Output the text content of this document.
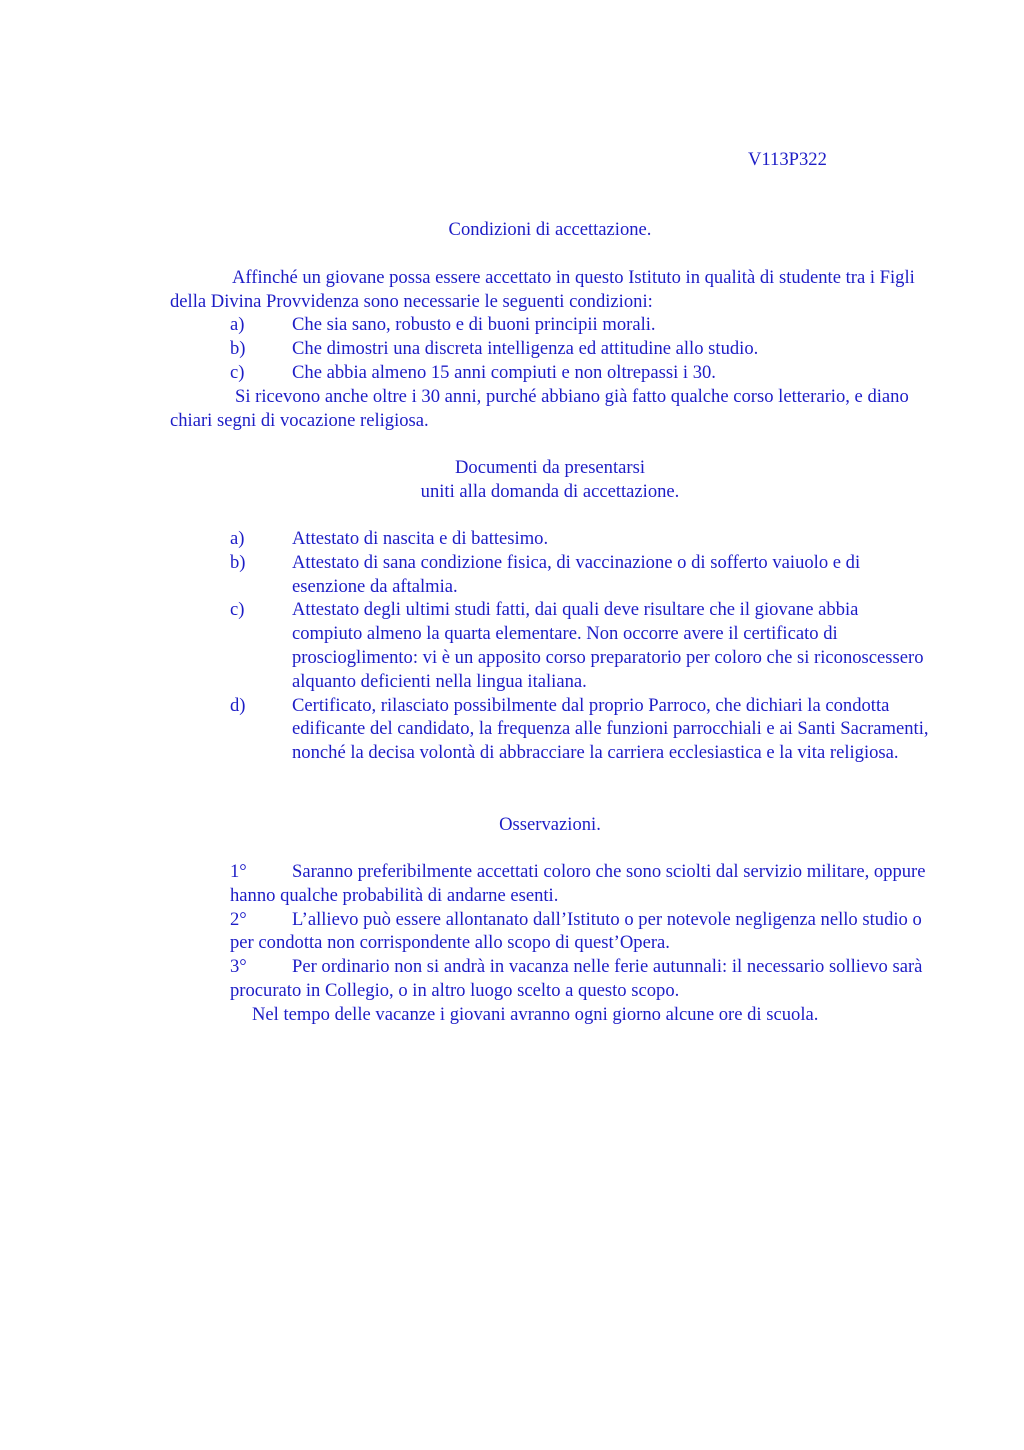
V113P322
Condizioni di accettazione.

Affinché un giovane possa essere accettato in questo Istituto in qualità di studente tra i Figli della Divina Provvidenza sono necessarie le seguenti condizioni:

a)	Che sia sano, robusto e di buoni principii morali.
b)	Che dimostri una discreta intelligenza ed attitudine allo studio.
c)	Che abbia almeno 15 anni compiuti e non oltrepassi i 30.

Si ricevono anche oltre i 30 anni, purché abbiano già fatto qualche corso letterario, e diano chiari segni di vocazione religiosa.

Documenti da presentarsi
uniti alla domanda di accettazione.
a)	Attestato di nascita e di battesimo.
b)	Attestato di sana condizione fisica, di vaccinazione o di sofferto vaiuolo e di esenzione da aftalmia.
c)	Attestato degli ultimi studi fatti, dai quali deve risultare che il giovane abbia compiuto almeno la quarta elementare. Non occorre avere il certificato di proscioglimento: vi è un apposito corso preparatorio per coloro che si riconoscessero alquanto deficienti nella lingua italiana.
d)	Certificato, rilasciato possibilmente dal proprio Parroco, che dichiari la condotta edificante del candidato, la frequenza alle funzioni parrocchiali e ai Santi Sacramenti, nonché la decisa volontà di abbracciare la carriera ecclesiastica e la vita religiosa.
Osservazioni.

1° Saranno preferibilmente accettati coloro che sono sciolti dal servizio militare, oppure hanno qualche probabilità di andarne esenti.

2° L’allievo può essere allontanato dall’Istituto o per notevole negligenza nello studio o per condotta non corrispondente allo scopo di quest’Opera.

3° Per ordinario non si andrà in vacanza nelle ferie autunnali: il necessario sollievo sarà procurato in Collegio, o in altro luogo scelto a questo scopo.

Nel tempo delle vacanze i giovani avranno ogni giorno alcune ore di scuola.
